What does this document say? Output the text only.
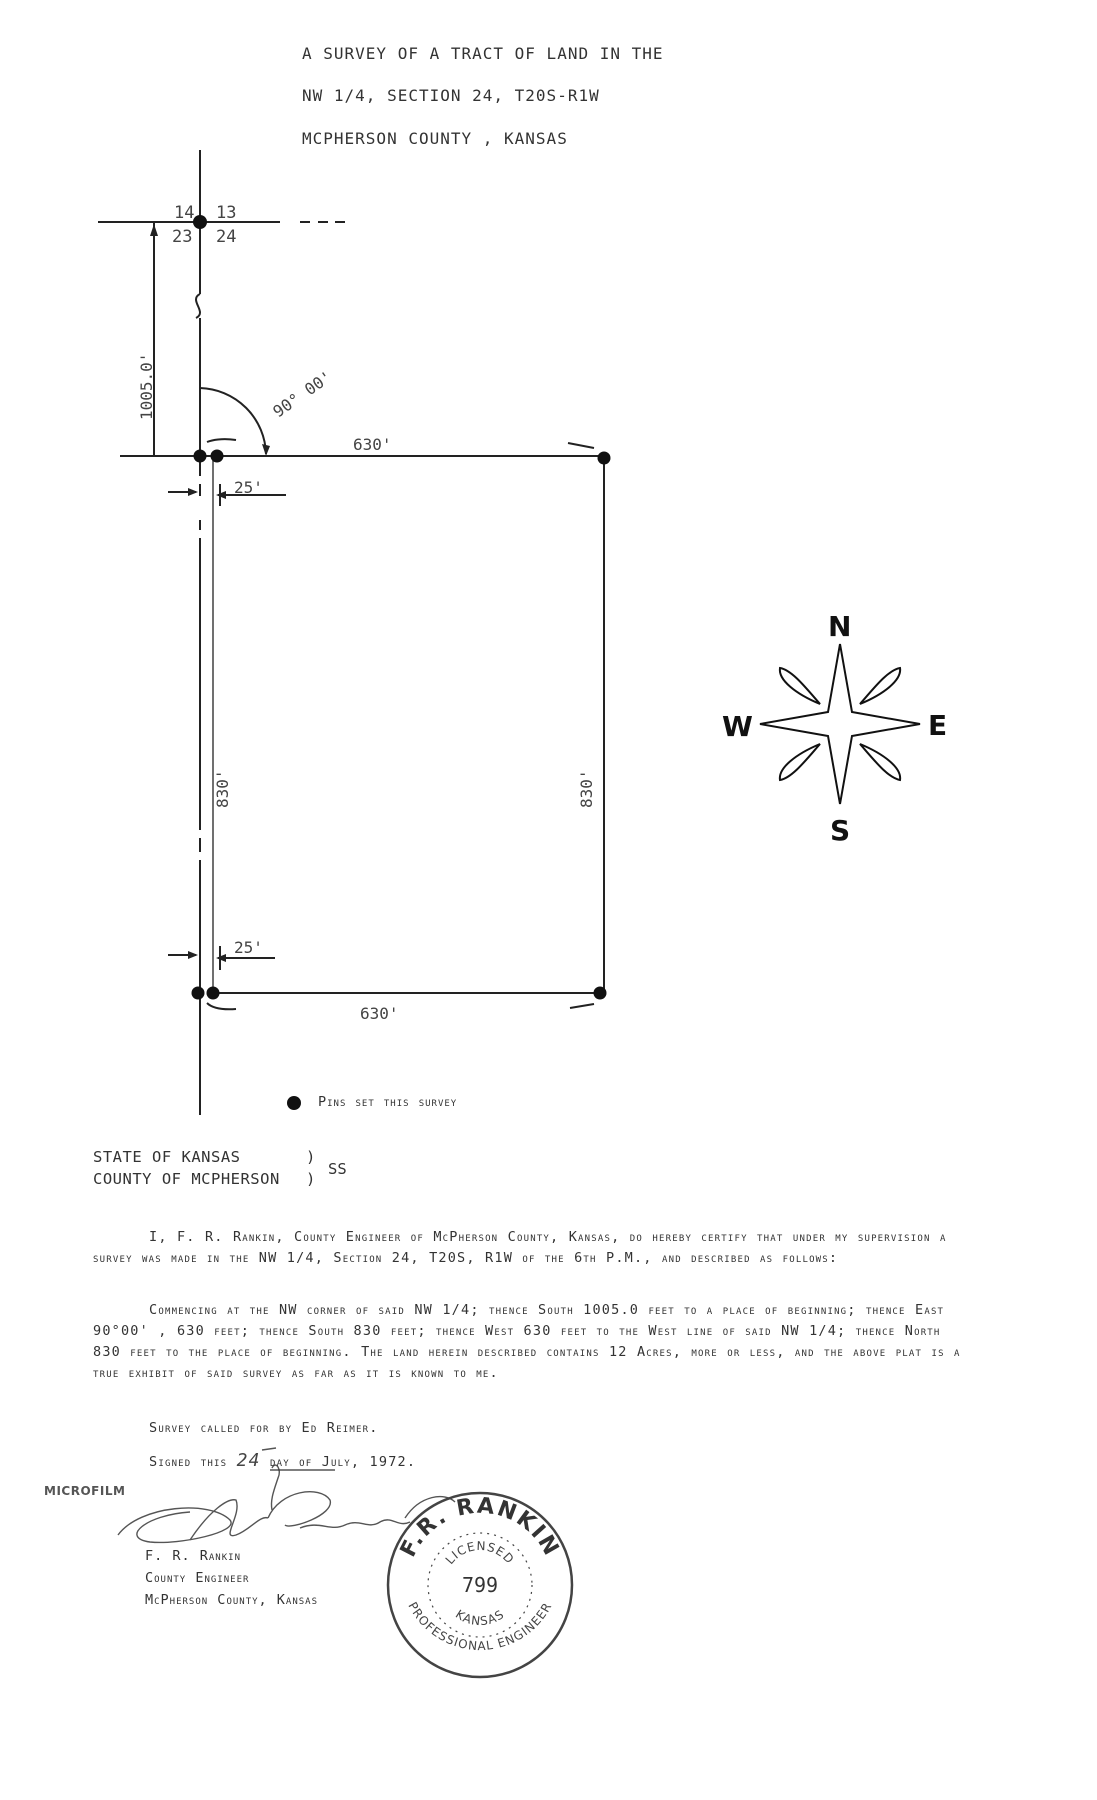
A SURVEY OF A TRACT OF LAND IN THE
NW 1/4, SECTION 24, T20S-R1W
MCPHERSON COUNTY , KANSAS
14 13
23 24
1005.0'	90° 00'
630'
630'
830'	830'
25'
25'
N
E
S
W
F.R. RANKIN
PROFESSIONAL ENGINEER
LICENSED
KANSAS
799
Pins set this survey
STATE OF KANSAS
COUNTY OF MCPHERSON
)
)
SS
I, F. R. Rankin, County Engineer of McPherson County, Kansas, do hereby certify that under my supervision a survey was made in the NW 1/4, Section 24, T20S, R1W of the 6th P.M., and described as follows:
Commencing at the NW corner of said NW 1/4; thence South 1005.0 feet to a place of beginning; thence East 90°00' , 630 feet; thence South 830 feet; thence West 630 feet to the West line of said NW 1/4; thence North 830 feet to the place of beginning. The land herein described contains 12 Acres, more or less, and the above plat is a true exhibit of said survey as far as it is known to me.
Survey called for by Ed Reimer.
Signed this 24 day of July, 1972.
MICROFILM
F. R. Rankin
County Engineer
McPherson County, Kansas
